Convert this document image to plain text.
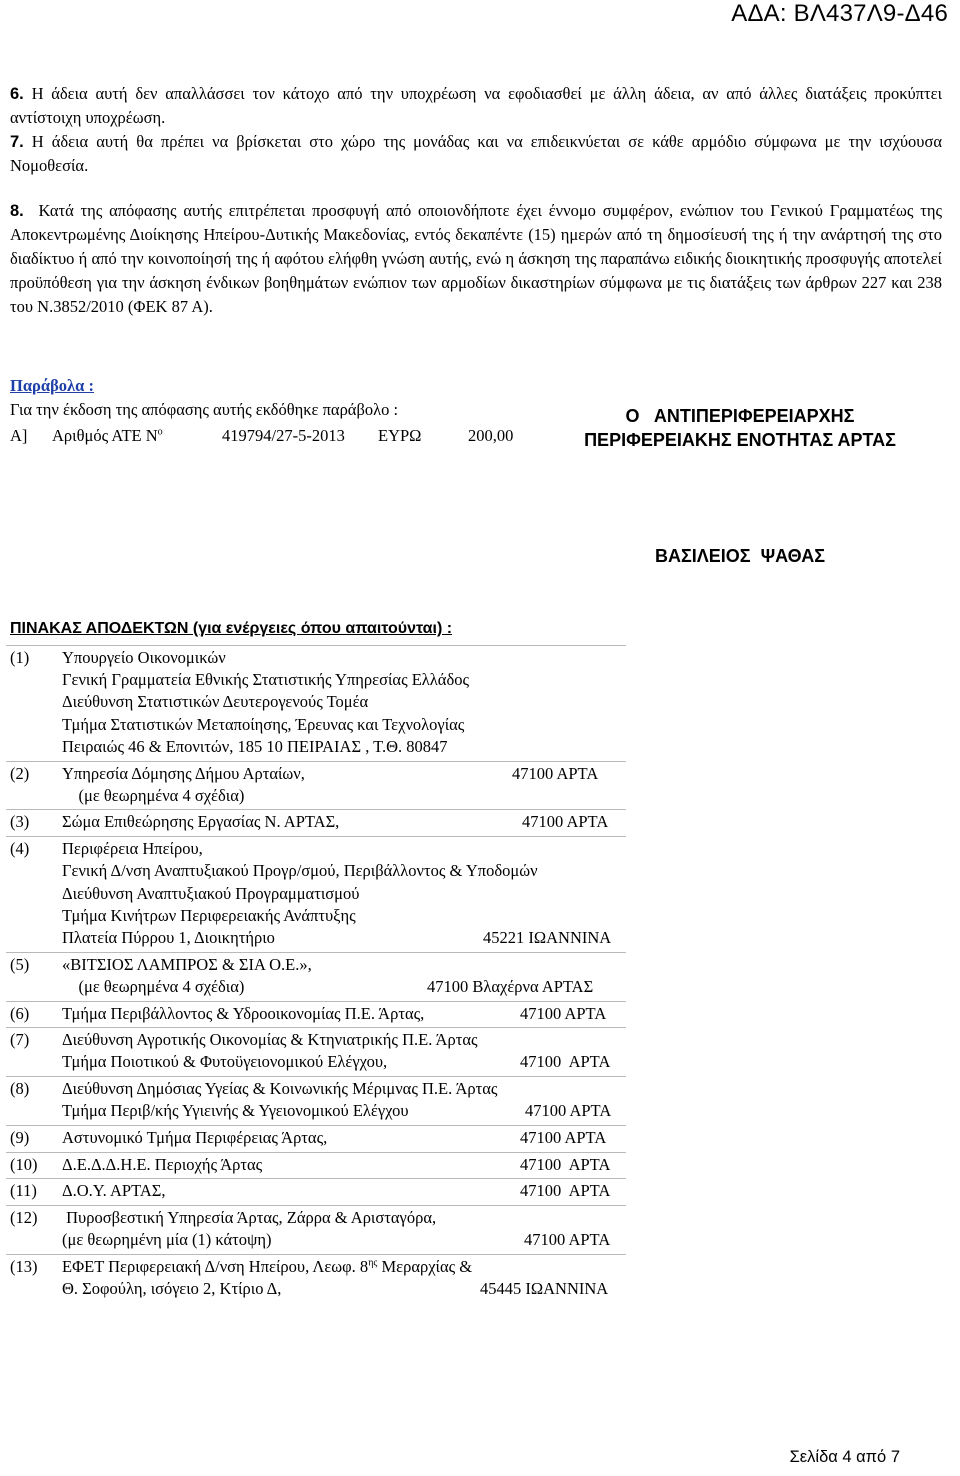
ΑΔΑ: ΒΛ437Λ9-Δ46
6. Η άδεια αυτή δεν απαλλάσσει τον κάτοχο από την υποχρέωση να εφοδιασθεί με άλλη άδεια, αν από άλλες διατάξεις προκύπτει αντίστοιχη υποχρέωση.
7. Η άδεια αυτή θα πρέπει να βρίσκεται στο χώρο της μονάδας και να επιδεικνύεται σε κάθε αρμόδιο σύμφωνα με την ισχύουσα Νομοθεσία.
8. Κατά της απόφασης αυτής επιτρέπεται προσφυγή από οποιονδήποτε έχει έννομο συμφέρον, ενώπιον του Γενικού Γραμματέως της Αποκεντρωμένης Διοίκησης Ηπείρου-Δυτικής Μακεδονίας, εντός δεκαπέντε (15) ημερών από τη δημοσίευσή της ή την ανάρτησή της στο διαδίκτυο ή από την κοινοποίησή της ή αφότου ελήφθη γνώση αυτής, ενώ η άσκηση της παραπάνω ειδικής διοικητικής προσφυγής αποτελεί προϋπόθεση για την άσκηση ένδικων βοηθημάτων ενώπιον των αρμοδίων δικαστηρίων σύμφωνα με τις διατάξεις των άρθρων 227 και 238 του Ν.3852/2010 (ΦΕΚ 87 Α).
Παράβολα :
Για την έκδοση της απόφασης αυτής εκδόθηκε παράβολο :
Α] Αριθμός ΑΤΕ $N^o$	419794/27-5-2013 ΕΥΡΩ	200,00
Ο   ΑΝΤΙΠΕΡΙΦΕΡΕΙΑΡΧΗΣ
ΠΕΡΙΦΕΡΕΙΑΚΗΣ ΕΝΟΤΗΤΑΣ ΑΡΤΑΣ
ΒΑΣΙΛΕΙΟΣ  ΨΑΘΑΣ
ΠΙΝΑΚΑΣ ΑΠΟΔΕΚΤΩΝ (για ενέργειες όπου απαιτούνται) :
(1) Υπουργείο Οικονομικών
Γενική Γραμματεία Εθνικής Στατιστικής Υπηρεσίας Ελλάδος
Διεύθυνση Στατιστικών Δευτερογενούς Τομέα
Τμήμα Στατιστικών Μεταποίησης, Έρευνας και Τεχνολογίας
Πειραιώς 46 & Επονιτών, 185 10 ΠΕΙΡΑΙΑΣ , Τ.Θ. 80847
(2) Υπηρεσία Δόμησης Δήμου Αρταίων,	47100 ΑΡΤΑ
(με θεωρημένα 4 σχέδια)
(3) Σώμα Επιθεώρησης Εργασίας Ν. ΑΡΤΑΣ,	47100 ΑΡΤΑ
(4) Περιφέρεια Ηπείρου,
Γενική Δ/νση Αναπτυξιακού Προγρ/σμού, Περιβάλλοντος & Υποδομών
Διεύθυνση Αναπτυξιακού Προγραμματισμού
Τμήμα Κινήτρων Περιφερειακής Ανάπτυξης
Πλατεία Πύρρου 1, Διοικητήριο	45221 ΙΩΑΝΝΙΝΑ
(5) «ΒΙΤΣΙΟΣ ΛΑΜΠΡΟΣ & ΣΙΑ Ο.Ε.»,
(με θεωρημένα 4 σχέδια)	47100 Βλαχέρνα ΑΡΤΑΣ
(6) Τμήμα Περιβάλλοντος & Υδροοικονομίας Π.Ε. Άρτας,	47100 ΑΡΤΑ
(7) Διεύθυνση Αγροτικής Οικονομίας & Κτηνιατρικής Π.Ε. Άρτας
Τμήμα Ποιοτικού & Φυτοϋγειονομικού Ελέγχου,	47100  ΑΡΤΑ
(8) Διεύθυνση Δημόσιας Υγείας & Κοινωνικής Μέριμνας Π.Ε. Άρτας
Τμήμα Περιβ/κής Υγιεινής & Υγειονομικού Ελέγχου	47100 ΑΡΤΑ
(9) Αστυνομικό Τμήμα Περιφέρειας Άρτας,	47100 ΑΡΤΑ
(10) Δ.Ε.Δ.Δ.Η.Ε. Περιοχής Άρτας	47100  ΑΡΤΑ
(11) Δ.Ο.Υ. ΑΡΤΑΣ,	47100  ΑΡΤΑ
(12) Πυροσβεστική Υπηρεσία Άρτας, Ζάρρα & Αρισταγόρα,
(με θεωρημένη μία (1) κάτοψη)	47100 ΑΡΤΑ
(13) ΕΦΕΤ Περιφερειακή Δ/νση Ηπείρου, Λεωφ. $8^{\eta\varsigma}$ Μεραρχίας &
Θ. Σοφούλη, ισόγειο 2, Κτίριο Δ,	45445 ΙΩΑΝΝΙΝΑ
Σελίδα 4 από 7
